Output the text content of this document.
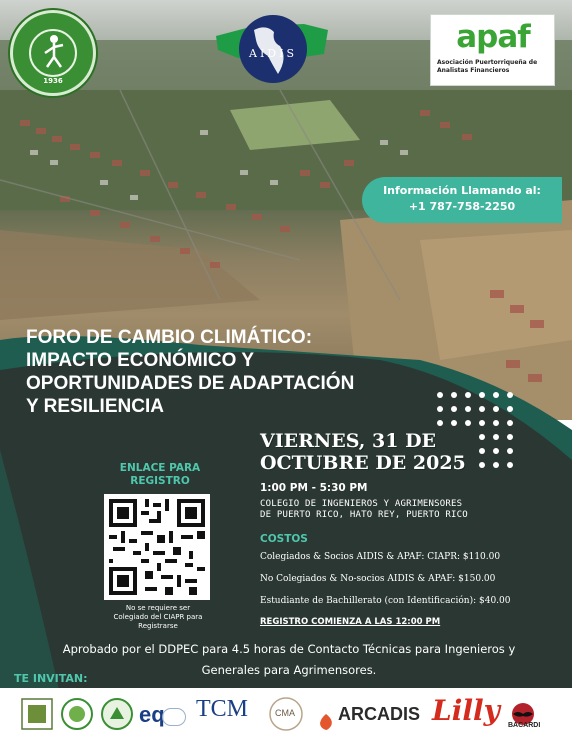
1936
AIDIS	apaf
Asociación Puertorriqueña de Analistas Financieros
Información Llamando al:
+1 787-758-2250
FORO DE CAMBIO CLIMÁTICO:
IMPACTO ECONÓMICO Y
OPORTUNIDADES DE ADAPTACIÓN
Y RESILIENCIA
VIERNES, 31 DE
OCTUBRE DE 2025
1:00 PM - 5:30 PM
COLEGIO DE INGENIEROS Y AGRIMENSORES
DE PUERTO RICO, HATO REY, PUERTO RICO
COSTOS
Colegiados & Socios AIDIS & APAF: CIAPR: $110.00
No Colegiados & No-socios AIDIS & APAF: $150.00
Estudiante de Bachillerato (con Identificación): $40.00
REGISTRO COMIENZA A LAS 12:00 PM
ENLACE PARA
REGISTRO
No se requiere ser
Colegiado del CIAPR para
Registrarse
Aprobado por el DDPEC para 4.5 horas de Contacto Técnicas para Ingenieros y
Generales para Agrimensores.
TE INVITAN:
eq TCM	CMA ARCADIS Lilly BACARDI
